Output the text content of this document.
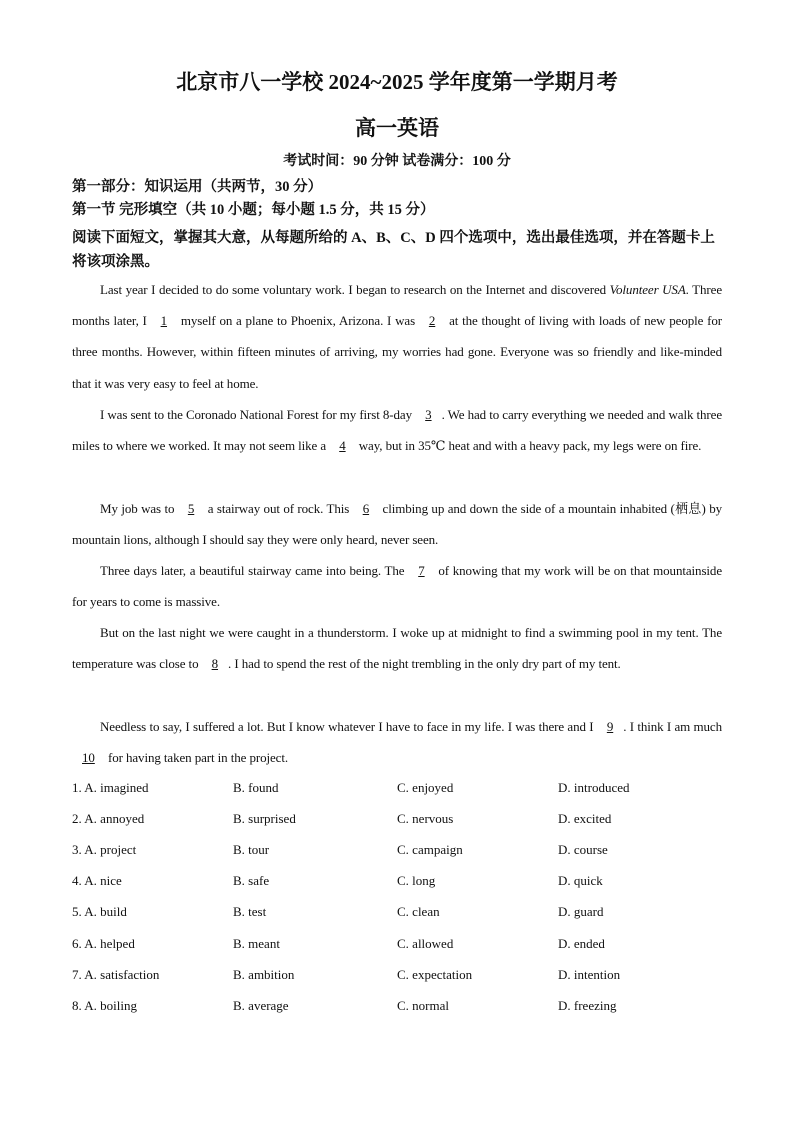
北京市八一学校 2024~2025 学年度第一学期月考
高一英语
考试时间：90 分钟 试卷满分：100 分
第一部分：知识运用（共两节，30 分）
第一节 完形填空（共 10 小题；每小题 1.5 分，共 15 分）
阅读下面短文，掌握其大意，从每题所给的 A、B、C、D 四个选项中，选出最佳选项，并在答题卡上将该项涂黑。
Last year I decided to do some voluntary work. I began to research on the Internet and discovered Volunteer USA. Three months later, I 1 myself on a plane to Phoenix, Arizona. I was 2 at the thought of living with loads of new people for three months. However, within fifteen minutes of arriving, my worries had gone. Everyone was so friendly and like-minded that it was very easy to feel at home.
I was sent to the Coronado National Forest for my first 8-day 3 . We had to carry everything we needed and walk three miles to where we worked. It may not seem like a 4 way, but in 35℃ heat and with a heavy pack, my legs were on fire.
My job was to 5 a stairway out of rock. This 6 climbing up and down the side of a mountain inhabited (栖息) by mountain lions, although I should say they were only heard, never seen.
Three days later, a beautiful stairway came into being. The 7 of knowing that my work will be on that mountainside for years to come is massive.
But on the last night we were caught in a thunderstorm. I woke up at midnight to find a swimming pool in my tent. The temperature was close to 8 . I had to spend the rest of the night trembling in the only dry part of my tent.
Needless to say, I suffered a lot. But I know whatever I have to face in my life. I was there and I 9 . I think I am much 10 for having taken part in the project.
1. A. imagined	B. found	C. enjoyed	D. introduced
2. A. annoyed	B. surprised	C. nervous	D. excited
3. A. project	B. tour	C. campaign	D. course
4. A. nice	B. safe	C. long	D. quick
5. A. build	B. test	C. clean	D. guard
6. A. helped	B. meant	C. allowed	D. ended
7. A. satisfaction	B. ambition	C. expectation	D. intention
8. A. boiling	B. average	C. normal	D. freezing
